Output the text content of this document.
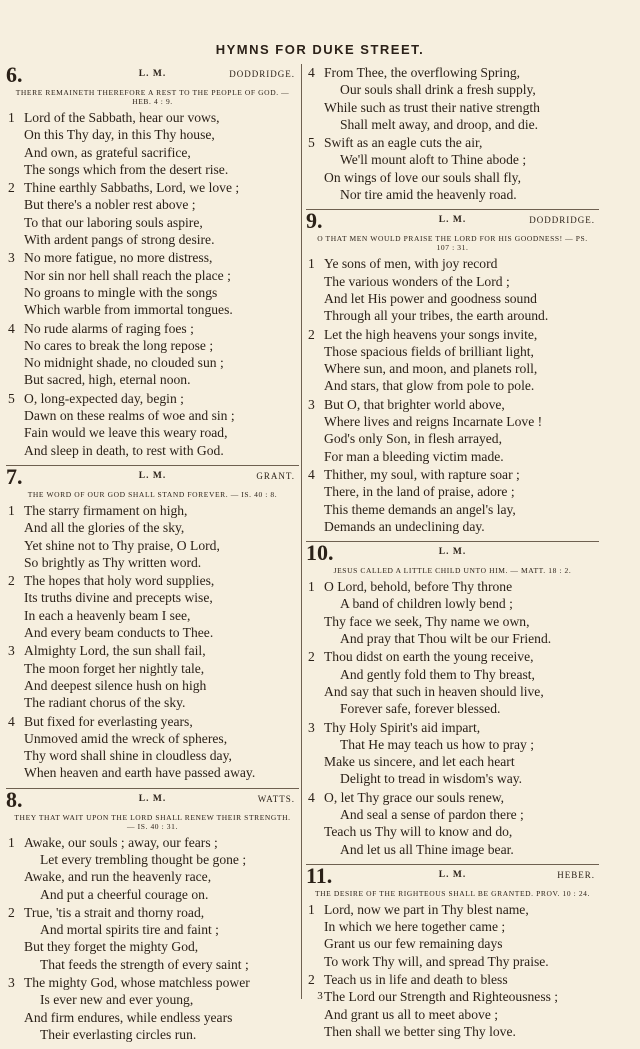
HYMNS FOR DUKE STREET.
6.	L. M.	DODDRIDGE.
THERE REMAINETH THEREFORE A REST TO THE PEOPLE OF GOD. — HEB. 4 : 9.
1 Lord of the Sabbath, hear our vows,
On this Thy day, in this Thy house,
And own, as grateful sacrifice,
The songs which from the desert rise.
2 Thine earthly Sabbaths, Lord, we love ;
But there's a nobler rest above ;
To that our laboring souls aspire,
With ardent pangs of strong desire.
3 No more fatigue, no more distress,
Nor sin nor hell shall reach the place ;
No groans to mingle with the songs
Which warble from immortal tongues.
4 No rude alarms of raging foes ;
No cares to break the long repose ;
No midnight shade, no clouded sun ;
But sacred, high, eternal noon.
5 O, long-expected day, begin ;
Dawn on these realms of woe and sin ;
Fain would we leave this weary road,
And sleep in death, to rest with God.
7.	L. M.	GRANT.
THE WORD OF OUR GOD SHALL STAND FOREVER. — IS. 40 : 8.
1 The starry firmament on high,
And all the glories of the sky,
Yet shine not to Thy praise, O Lord,
So brightly as Thy written word.
2 The hopes that holy word supplies,
Its truths divine and precepts wise,
In each a heavenly beam I see,
And every beam conducts to Thee.
3 Almighty Lord, the sun shall fail,
The moon forget her nightly tale,
And deepest silence hush on high
The radiant chorus of the sky.
4 But fixed for everlasting years,
Unmoved amid the wreck of spheres,
Thy word shall shine in cloudless day,
When heaven and earth have passed away.
8.	L. M.	WATTS.
THEY THAT WAIT UPON THE LORD SHALL RENEW THEIR STRENGTH. — IS. 40 : 31.
1 Awake, our souls ; away, our fears ;
Let every trembling thought be gone ;
Awake, and run the heavenly race,
And put a cheerful courage on.
2 True, 'tis a strait and thorny road,
And mortal spirits tire and faint ;
But they forget the mighty God,
That feeds the strength of every saint ;
3 The mighty God, whose matchless power
Is ever new and ever young,
And firm endures, while endless years
Their everlasting circles run.
4 From Thee, the overflowing Spring,
Our souls shall drink a fresh supply,
While such as trust their native strength
Shall melt away, and droop, and die.
5 Swift as an eagle cuts the air,
We'll mount aloft to Thine abode ;
On wings of love our souls shall fly,
Nor tire amid the heavenly road.
9.	L. M.	DODDRIDGE.
O THAT MEN WOULD PRAISE THE LORD FOR HIS GOODNESS! — PS. 107 : 31.
1 Ye sons of men, with joy record
The various wonders of the Lord ;
And let His power and goodness sound
Through all your tribes, the earth around.
2 Let the high heavens your songs invite,
Those spacious fields of brilliant light,
Where sun, and moon, and planets roll,
And stars, that glow from pole to pole.
3 But O, that brighter world above,
Where lives and reigns Incarnate Love !
God's only Son, in flesh arrayed,
For man a bleeding victim made.
4 Thither, my soul, with rapture soar ;
There, in the land of praise, adore ;
This theme demands an angel's lay,
Demands an undeclining day.
10.	L. M.
JESUS CALLED A LITTLE CHILD UNTO HIM. — MATT. 18 : 2.
1 O Lord, behold, before Thy throne
A band of children lowly bend ;
Thy face we seek, Thy name we own,
And pray that Thou wilt be our Friend.
2 Thou didst on earth the young receive,
And gently fold them to Thy breast,
And say that such in heaven should live,
Forever safe, forever blessed.
3 Thy Holy Spirit's aid impart,
That He may teach us how to pray ;
Make us sincere, and let each heart
Delight to tread in wisdom's way.
4 O, let Thy grace our souls renew,
And seal a sense of pardon there ;
Teach us Thy will to know and do,
And let us all Thine image bear.
11.	L. M.	HEBER.
THE DESIRE OF THE RIGHTEOUS SHALL BE GRANTED. PROV. 10 : 24.
1 Lord, now we part in Thy blest name,
In which we here together came ;
Grant us our few remaining days
To work Thy will, and spread Thy praise.
2 Teach us in life and death to bless
The Lord our Strength and Righteousness ;
And grant us all to meet above ;
Then shall we better sing Thy love.
3
